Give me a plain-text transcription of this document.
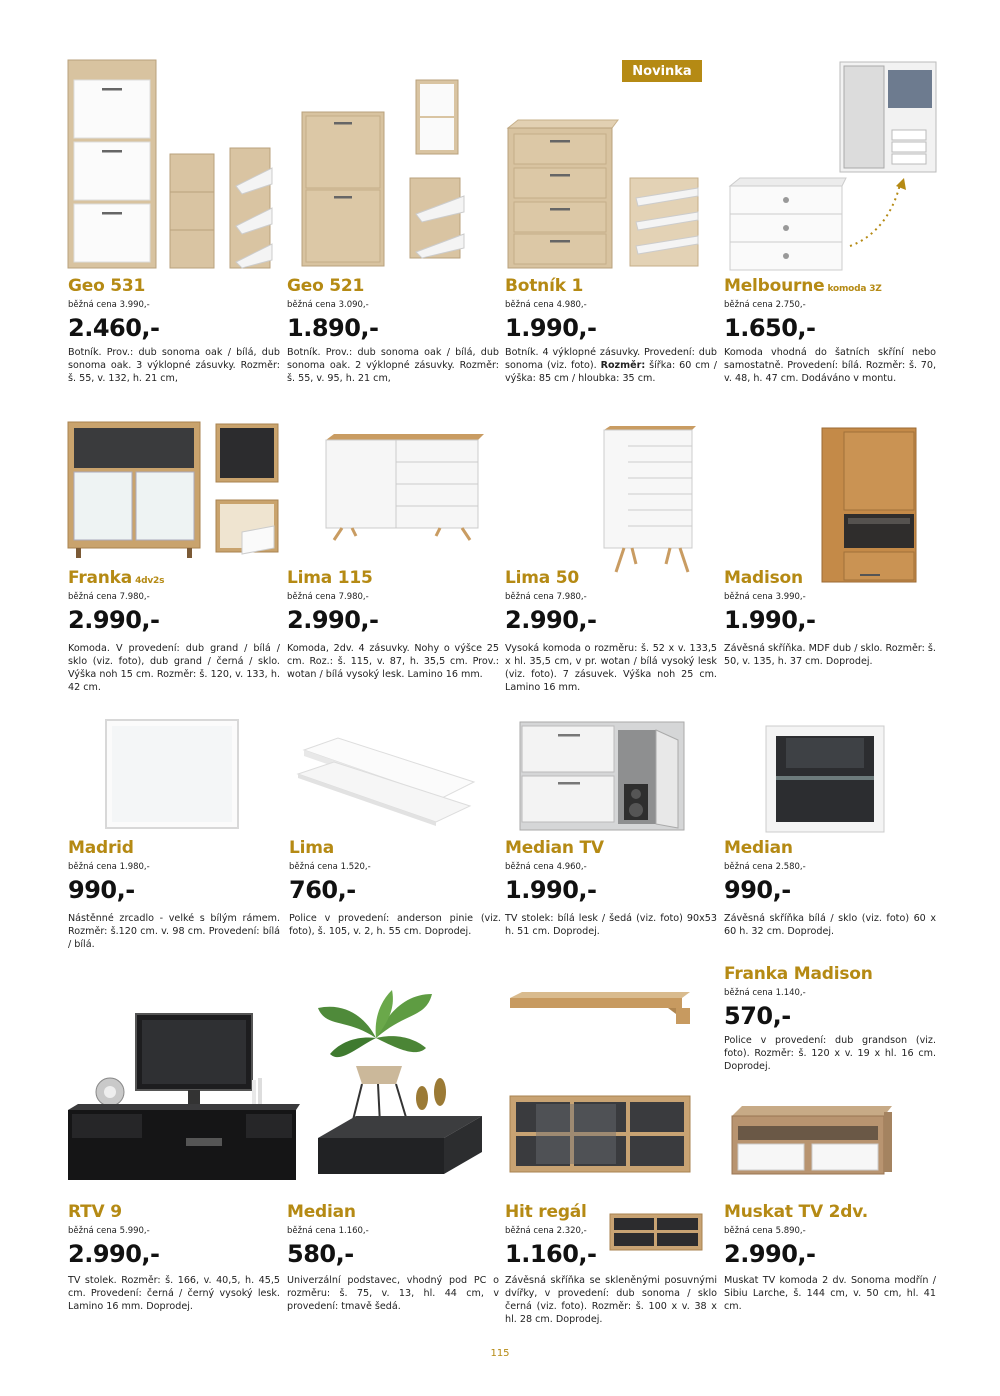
Novinka
Geo 531
běžná cena 3.990,-
2.460,-
Botník. Prov.: dub sonoma oak / bílá, dub sonoma oak. 3 výklopné zásuvky. Rozměr: š. 55, v. 132, h. 21 cm,
Geo 521
běžná cena 3.090,-
1.890,-
Botník. Prov.: dub sonoma oak / bílá, dub sonoma oak. 2 výklopné zásuvky. Rozměr: š. 55, v. 95, h. 21 cm,
Botník 1
běžná cena 4.980,-
1.990,-
Botník. 4 výklopné zásuvky. Provedení: dub sonoma (viz. foto). Rozměr: šířka: 60 cm / výška: 85 cm / hloubka: 35 cm.
Melbourne komoda 3Z
běžná cena 2.750,-
1.650,-
Komoda vhodná do šatních skříní nebo samostatně. Provedení: bílá. Rozměr: š. 70, v. 48, h. 47 cm. Dodáváno v montu.
Franka 4dv2s
běžná cena 7.980,-
2.990,-
Komoda. V provedení: dub grand / bílá / sklo (viz. foto), dub grand / černá / sklo. Výška noh 15 cm. Rozměr: š. 120, v. 133, h. 42 cm.
Lima 115
běžná cena 7.980,-
2.990,-
Komoda, 2dv. 4 zásuvky. Nohy o výšce 25 cm. Roz.: š. 115, v. 87, h. 35,5 cm. Prov.: wotan / bílá vysoký lesk. Lamino 16 mm.
Lima 50
běžná cena 7.980,-
2.990,-
Vysoká komoda o rozměru: š. 52 x v. 133,5 x hl. 35,5 cm, v pr. wotan / bílá vysoký lesk (viz. foto). 7 zásuvek. Výška noh 25 cm. Lamino 16 mm.
Madison
běžná cena 3.990,-
1.990,-
Závěsná skříňka. MDF dub / sklo. Rozměr: š. 50, v. 135, h. 37 cm. Doprodej.
Madrid
běžná cena 1.980,-
990,-
Nástěnné zrcadlo - velké s bílým rámem. Rozměr: š.120 cm. v. 98 cm. Provedení: bílá / bílá.
Lima
běžná cena 1.520,-
760,-
Police v provedení: anderson pinie (viz. foto), š. 105, v. 2, h. 55 cm. Doprodej.
Median TV
běžná cena 4.960,-
1.990,-
TV stolek: bílá lesk / šedá (viz. foto) 90x53 h. 51 cm. Doprodej.
Median
běžná cena 2.580,-
990,-
Závěsná skříňka bílá / sklo (viz. foto) 60 x 60 h. 32 cm. Doprodej.
Franka Madison
běžná cena 1.140,-
570,-
Police v provedení: dub grandson (viz. foto). Rozměr: š. 120 x v. 19 x hl. 16 cm. Doprodej.
RTV 9
běžná cena 5.990,-
2.990,-
TV stolek. Rozměr: š. 166, v. 40,5, h. 45,5 cm. Provedení: černá / černý vysoký lesk. Lamino 16 mm. Doprodej.
Median
běžná cena 1.160,-
580,-
Univerzální podstavec, vhodný pod PC o rozměru: š. 75, v. 13, hl. 44 cm, v provedení: tmavě šedá.
Hit regál
běžná cena 2.320,-
1.160,-
Závěsná skříňka se skleněnými posuvnými dvířky, v provedení: dub sonoma / sklo černá (viz. foto). Rozměr: š. 100 x v. 38 x hl. 28 cm. Doprodej.
Muskat TV 2dv.
běžná cena 5.890,-
2.990,-
Muskat TV komoda 2 dv. Sonoma modřín / Sibiu Larche, š. 144 cm, v. 50 cm, hl. 41 cm.
115
